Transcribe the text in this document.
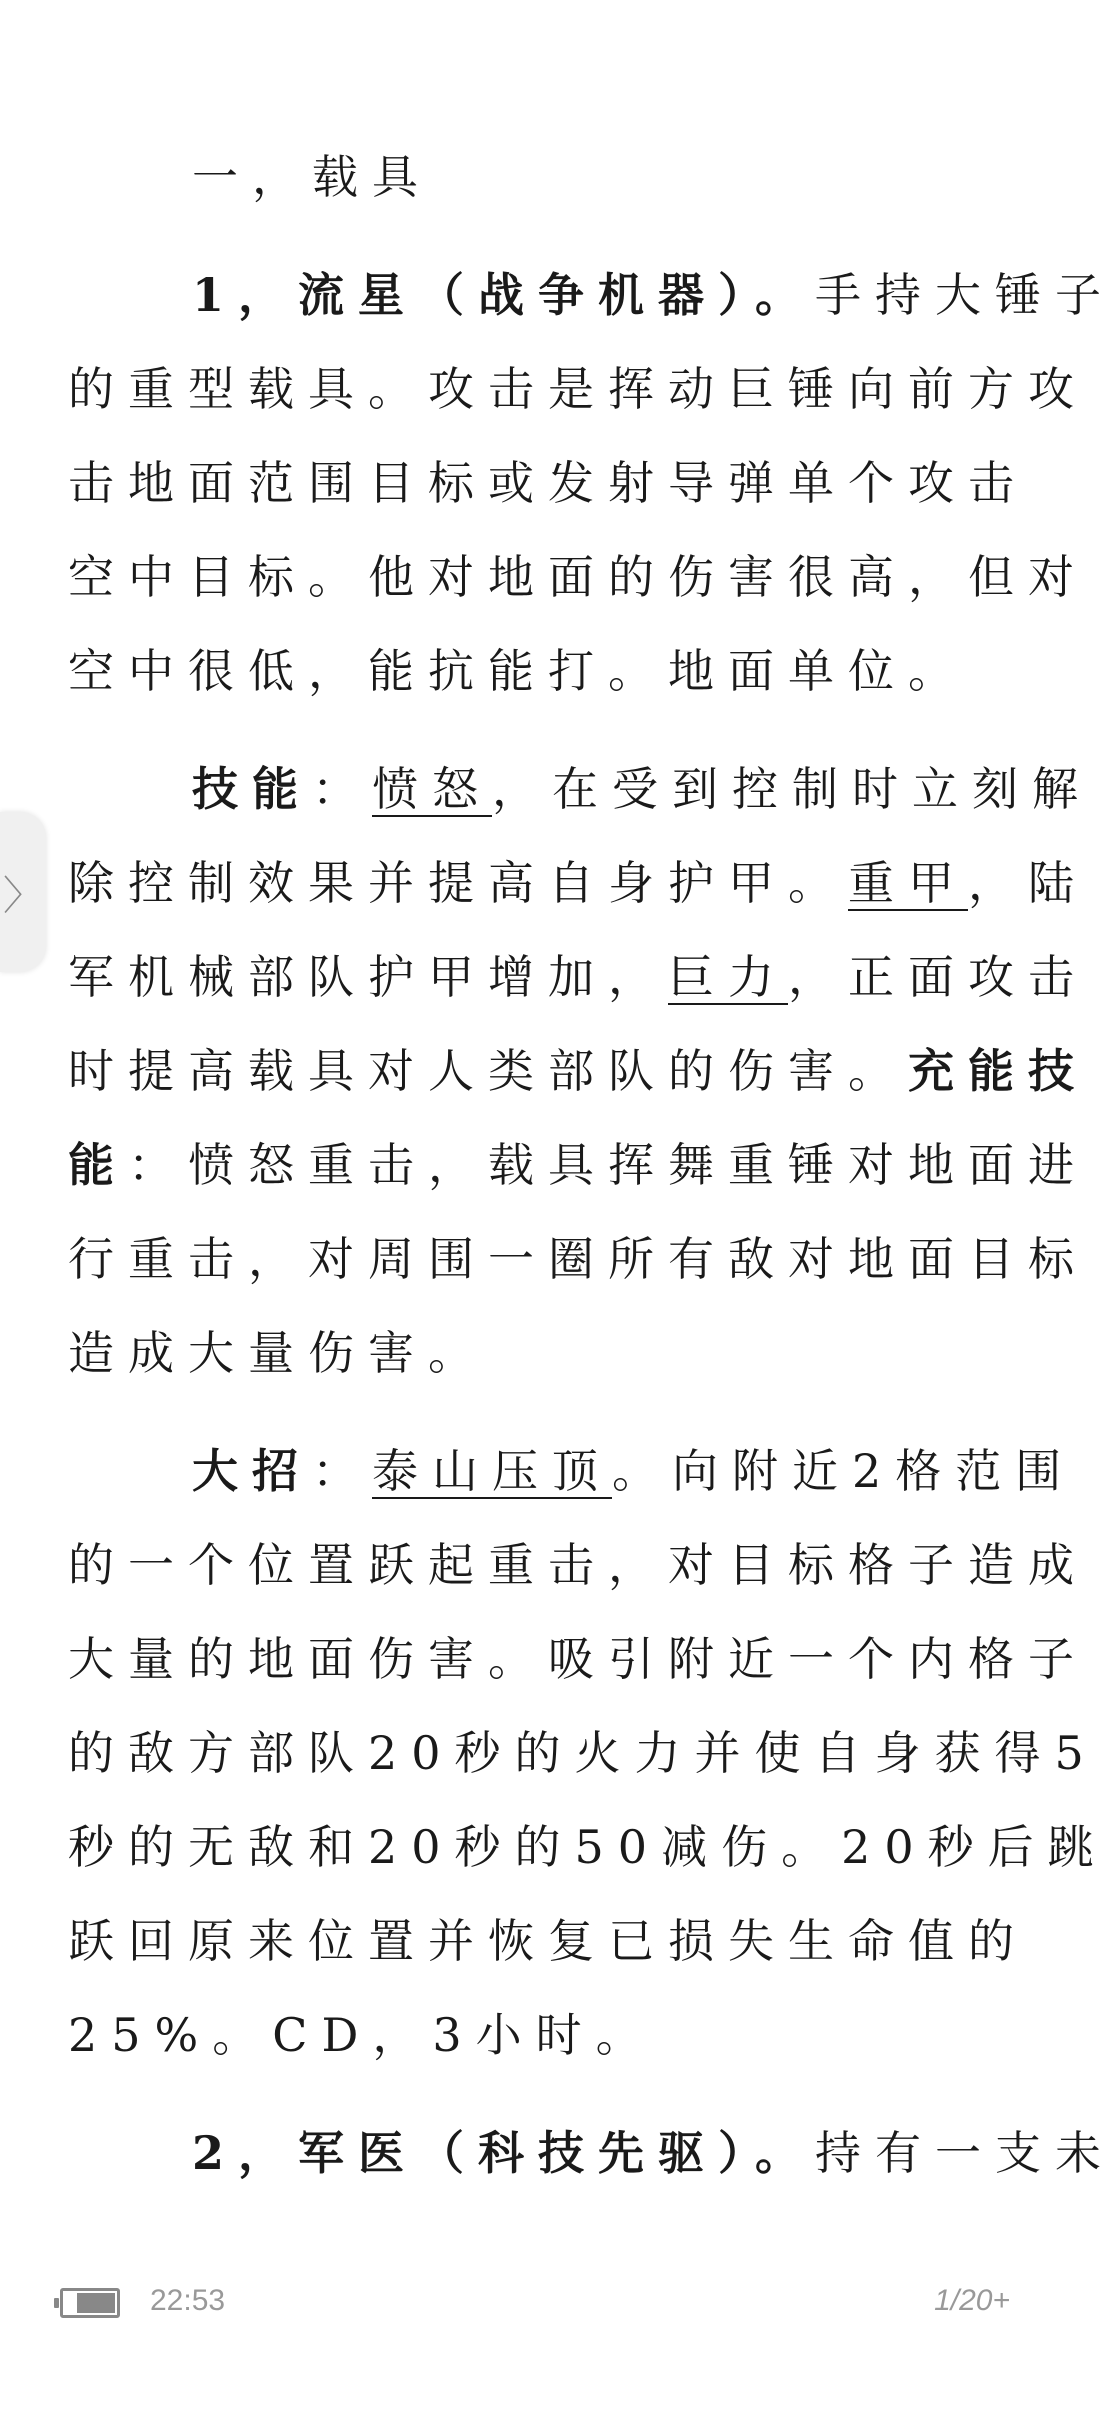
一，载具
1，流星（战争机器）。手持大锤子
的重型载具。攻击是挥动巨锤向前方攻
击地面范围目标或发射导弹单个攻击
空中目标。他对地面的伤害很高，但对
空中很低，能抗能打。地面单位。
技能：愤怒，在受到控制时立刻解
除控制效果并提高自身护甲。重甲，陆
军机械部队护甲增加，巨力，正面攻击
时提高载具对人类部队的伤害。充能技
能：愤怒重击，载具挥舞重锤对地面进
行重击，对周围一圈所有敌对地面目标
造成大量伤害。
大招：泰山压顶。向附近2格范围
的一个位置跃起重击，对目标格子造成
大量的地面伤害。吸引附近一个内格子
的敌方部队20秒的火力并使自身获得5
秒的无敌和20秒的50减伤。20秒后跳
跃回原来位置并恢复已损失生命值的
25%。CD，3小时。
2，军医（科技先驱）。持有一支未
〉
22:53	1/20+
